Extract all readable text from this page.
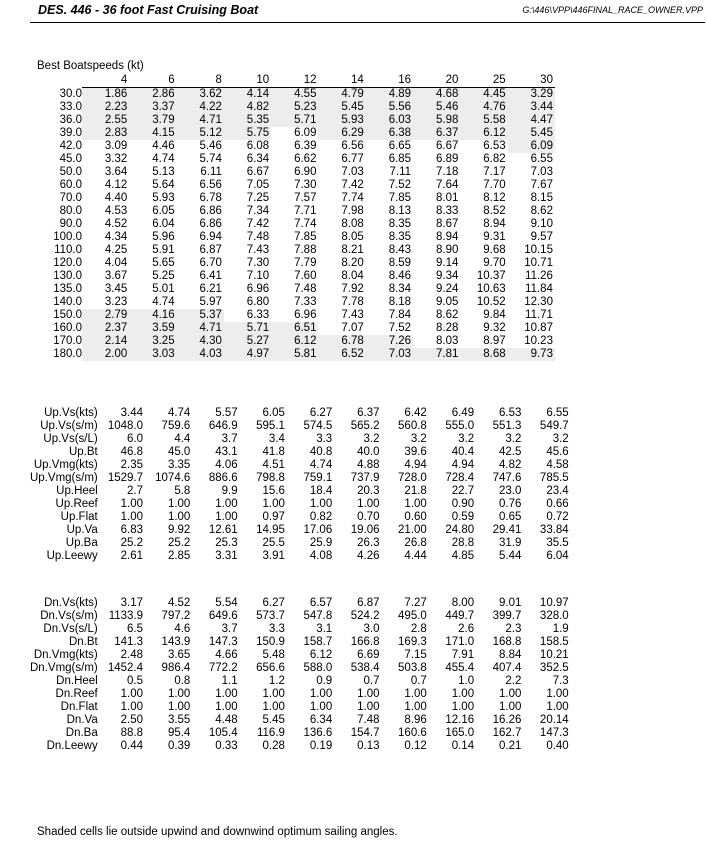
DES. 446 - 36 foot Fast Cruising Boat	G:\446\VPP\446FINAL_RACE_OWNER.VPP
Best Boatspeeds (kt)
	4	6	8	10	12	14	16	20	25	30
30.0	1.86	2.86	3.62	4.14	4.55	4.79	4.89	4.68	4.45	3.29
33.0	2.23	3.37	4.22	4.82	5.23	5.45	5.56	5.46	4.76	3.44
36.0	2.55	3.79	4.71	5.35	5.71	5.93	6.03	5.98	5.58	4.47
39.0	2.83	4.15	5.12	5.75	6.09	6.29	6.38	6.37	6.12	5.45
42.0	3.09	4.46	5.46	6.08	6.39	6.56	6.65	6.67	6.53	6.09
45.0	3.32	4.74	5.74	6.34	6.62	6.77	6.85	6.89	6.82	6.55
50.0	3.64	5.13	6.11	6.67	6.90	7.03	7.11	7.18	7.17	7.03
60.0	4.12	5.64	6.56	7.05	7.30	7.42	7.52	7.64	7.70	7.67
70.0	4.40	5.93	6.78	7.25	7.57	7.74	7.85	8.01	8.12	8.15
80.0	4.53	6.05	6.86	7.34	7.71	7.98	8.13	8.33	8.52	8.62
90.0	4.52	6.04	6.86	7.42	7.74	8.08	8.35	8.67	8.94	9.10
100.0	4.34	5.96	6.94	7.48	7.85	8.05	8.35	8.94	9.31	9.57
110.0	4.25	5.91	6.87	7.43	7.88	8.21	8.43	8.90	9.68	10.15
120.0	4.04	5.65	6.70	7.30	7.79	8.20	8.59	9.14	9.70	10.71
130.0	3.67	5.25	6.41	7.10	7.60	8.04	8.46	9.34	10.37	11.26
135.0	3.45	5.01	6.21	6.96	7.48	7.92	8.34	9.24	10.63	11.84
140.0	3.23	4.74	5.97	6.80	7.33	7.78	8.18	9.05	10.52	12.30
150.0	2.79	4.16	5.37	6.33	6.96	7.43	7.84	8.62	9.84	11.71
160.0	2.37	3.59	4.71	5.71	6.51	7.07	7.52	8.28	9.32	10.87
170.0	2.14	3.25	4.30	5.27	6.12	6.78	7.26	8.03	8.97	10.23
180.0	2.00	3.03	4.03	4.97	5.81	6.52	7.03	7.81	8.68	9.73
Up.Vs(kts)	3.44	4.74	5.57	6.05	6.27	6.37	6.42	6.49	6.53	6.55
Up.Vs(s/m)	1048.0	759.6	646.9	595.1	574.5	565.2	560.8	555.0	551.3	549.7
Up.Vs(s/L)	6.0	4.4	3.7	3.4	3.3	3.2	3.2	3.2	3.2	3.2
Up.Bt	46.8	45.0	43.1	41.8	40.8	40.0	39.6	40.4	42.5	45.6
Up.Vmg(kts)	2.35	3.35	4.06	4.51	4.74	4.88	4.94	4.94	4.82	4.58
Up.Vmg(s/m)	1529.7	1074.6	886.6	798.8	759.1	737.9	728.0	728.4	747.6	785.5
Up.Heel	2.7	5.8	9.9	15.6	18.4	20.3	21.8	22.7	23.0	23.4
Up.Reef	1.00	1.00	1.00	1.00	1.00	1.00	1.00	0.90	0.76	0.66
Up.Flat	1.00	1.00	1.00	0.97	0.82	0.70	0.60	0.59	0.65	0.72
Up.Va	6.83	9.92	12.61	14.95	17.06	19.06	21.00	24.80	29.41	33.84
Up.Ba	25.2	25.2	25.3	25.5	25.9	26.3	26.8	28.8	31.9	35.5
Up.Leewy	2.61	2.85	3.31	3.91	4.08	4.26	4.44	4.85	5.44	6.04
Dn.Vs(kts)	3.17	4.52	5.54	6.27	6.57	6.87	7.27	8.00	9.01	10.97
Dn.Vs(s/m)	1133.9	797.2	649.6	573.7	547.8	524.2	495.0	449.7	399.7	328.0
Dn.Vs(s/L)	6.5	4.6	3.7	3.3	3.1	3.0	2.8	2.6	2.3	1.9
Dn.Bt	141.3	143.9	147.3	150.9	158.7	166.8	169.3	171.0	168.8	158.5
Dn.Vmg(kts)	2.48	3.65	4.66	5.48	6.12	6.69	7.15	7.91	8.84	10.21
Dn.Vmg(s/m)	1452.4	986.4	772.2	656.6	588.0	538.4	503.8	455.4	407.4	352.5
Dn.Heel	0.5	0.8	1.1	1.2	0.9	0.7	0.7	1.0	2.2	7.3
Dn.Reef	1.00	1.00	1.00	1.00	1.00	1.00	1.00	1.00	1.00	1.00
Dn.Flat	1.00	1.00	1.00	1.00	1.00	1.00	1.00	1.00	1.00	1.00
Dn.Va	2.50	3.55	4.48	5.45	6.34	7.48	8.96	12.16	16.26	20.14
Dn.Ba	88.8	95.4	105.4	116.9	136.6	154.7	160.6	165.0	162.7	147.3
Dn.Leewy	0.44	0.39	0.33	0.28	0.19	0.13	0.12	0.14	0.21	0.40
Shaded cells lie outside upwind and downwind optimum sailing angles.
